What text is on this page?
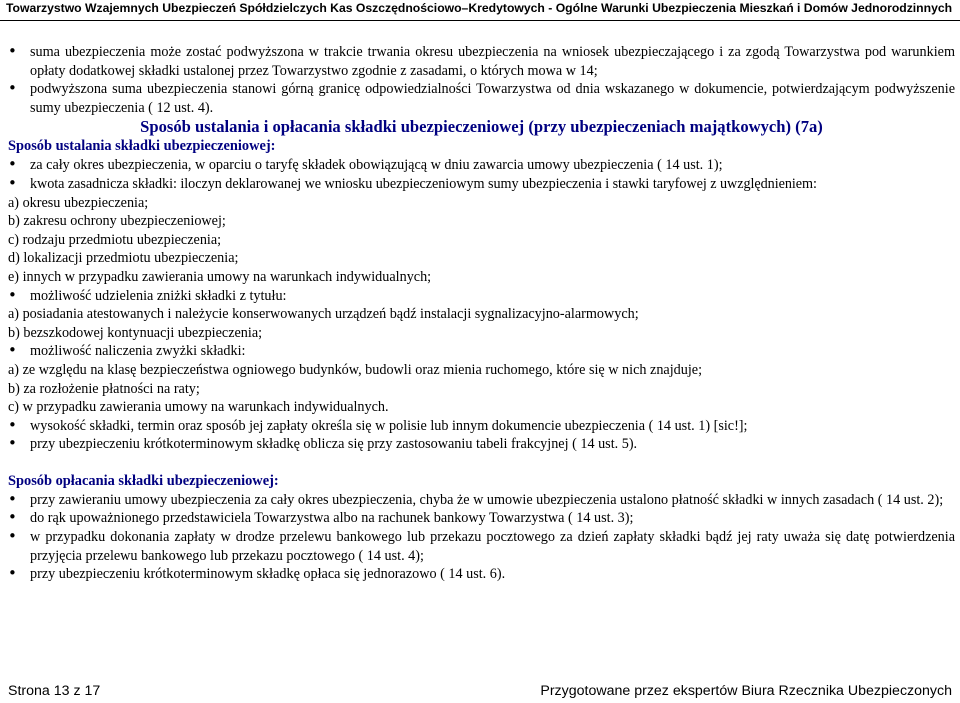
Towarzystwo Wzajemnych Ubezpieczeń Spółdzielczych Kas Oszczędnościowo–Kredytowych - Ogólne Warunki Ubezpieczenia Mieszkań i Domów Jednorodzinnych
• suma ubezpieczenia może zostać podwyższona w trakcie trwania okresu ubezpieczenia na wniosek ubezpieczającego i za zgodą Towarzystwa pod warunkiem opłaty dodatkowej składki ustalonej przez Towarzystwo zgodnie z zasadami, o których mowa w 14;
• podwyższona suma ubezpieczenia stanowi górną granicę odpowiedzialności Towarzystwa od dnia wskazanego w dokumencie, potwierdzającym podwyższenie sumy ubezpieczenia ( 12 ust. 4).
Sposób ustalania i opłacania składki ubezpieczeniowej (przy ubezpieczeniach majątkowych) (7a)
Sposób ustalania składki ubezpieczeniowej:
• za cały okres ubezpieczenia, w oparciu o taryfę składek obowiązującą w dniu zawarcia umowy ubezpieczenia ( 14 ust. 1);
• kwota zasadnicza składki: iloczyn deklarowanej we wniosku ubezpieczeniowym sumy ubezpieczenia i stawki taryfowej z uwzględnieniem:
a) okresu ubezpieczenia;
b) zakresu ochrony ubezpieczeniowej;
c) rodzaju przedmiotu ubezpieczenia;
d) lokalizacji przedmiotu ubezpieczenia;
e) innych w przypadku zawierania umowy na warunkach indywidualnych;
• możliwość udzielenia zniżki składki z tytułu:
a) posiadania atestowanych i należycie konserwowanych urządzeń bądź instalacji sygnalizacyjno-alarmowych;
b) bezszkodowej kontynuacji ubezpieczenia;
• możliwość naliczenia zwyżki składki:
a) ze względu na klasę bezpieczeństwa ogniowego budynków, budowli oraz mienia ruchomego, które się w nich znajduje;
b) za rozłożenie płatności na raty;
c) w przypadku zawierania umowy na warunkach indywidualnych.
• wysokość składki, termin oraz sposób jej zapłaty określa się w polisie lub innym dokumencie ubezpieczenia ( 14 ust. 1) [sic!];
• przy ubezpieczeniu krótkoterminowym składkę oblicza się przy zastosowaniu tabeli frakcyjnej ( 14 ust. 5).
Sposób opłacania składki ubezpieczeniowej:
• przy zawieraniu umowy ubezpieczenia za cały okres ubezpieczenia, chyba że w umowie ubezpieczenia ustalono płatność składki w innych zasadach ( 14 ust. 2);
• do rąk upoważnionego przedstawiciela Towarzystwa albo na rachunek bankowy Towarzystwa ( 14 ust. 3);
• w przypadku dokonania zapłaty w drodze przelewu bankowego lub przekazu pocztowego za dzień zapłaty składki bądź jej raty uważa się datę potwierdzenia przyjęcia przelewu bankowego lub przekazu pocztowego ( 14 ust. 4);
• przy ubezpieczeniu krótkoterminowym składkę opłaca się jednorazowo ( 14 ust. 6).
Strona 13 z 17	Przygotowane przez ekspertów Biura Rzecznika Ubezpieczonych
